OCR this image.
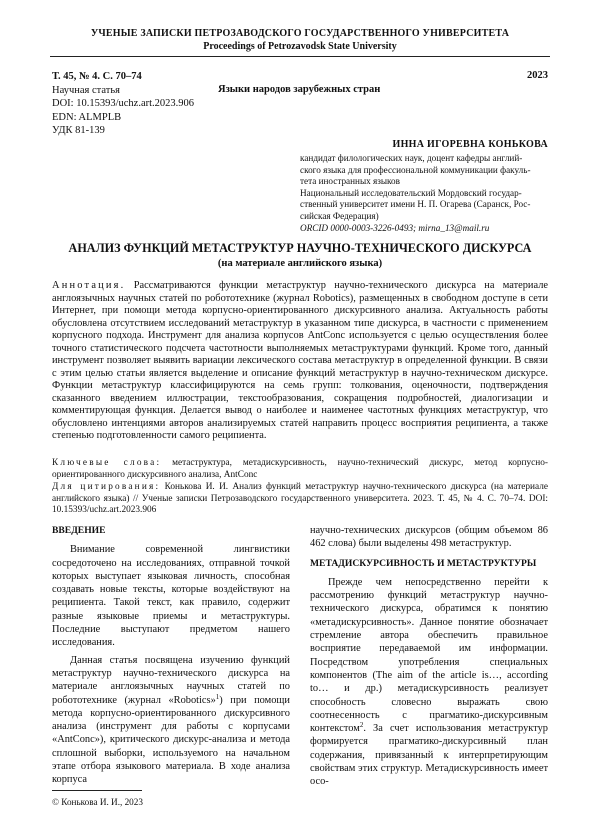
УЧЕНЫЕ ЗАПИСКИ ПЕТРОЗАВОДСКОГО ГОСУДАРСТВЕННОГО УНИВЕРСИТЕТА
Proceedings of Petrozavodsk State University
Т. 45, № 4. С. 70–74
Научная статья
DOI: 10.15393/uchz.art.2023.906
EDN: ALMPLB
УДК 81-139
2023
Языки народов зарубежных стран
ИННА ИГОРЕВНА КОНЬКОВА
кандидат филологических наук, доцент кафедры англий-
ского языка для профессиональной коммуникации факуль-
тета иностранных языков
Национальный исследовательский Мордовский государ-
ственный университет имени Н. П. Огарева (Саранск, Рос-
сийская Федерация)
ORCID 0000-0003-3226-0493; mirna_13@mail.ru
АНАЛИЗ ФУНКЦИЙ МЕТАСТРУКТУР НАУЧНО-ТЕХНИЧЕСКОГО ДИСКУРСА
(на материале английского языка)
Аннотация. Рассматриваются функции метаструктур научно-технического дискурса на материале англоязычных научных статей по робототехнике (журнал Robotics), размещенных в свободном доступе в сети Интернет, при помощи метода корпусно-ориентированного дискурсивного анализа. Актуальность работы обусловлена отсутствием исследований метаструктур в указанном типе дискурса, в частности с применением корпусного подхода. Инструмент для анализа корпусов AntConc используется с целью осуществления более точного статистического подсчета частотности выполняемых метаструктурами функций. Кроме того, данный инструмент позволяет выявить вариации лексического состава метаструктур в определенной функции. В связи с этим целью статьи является выделение и описание функций метаструктур в научно-техническом дискурсе. Функции метаструктур классифицируются на семь групп: толкования, оценочности, подтверждения сказанного введением иллюстрации, текстообразования, сокращения подробностей, диалогизации и комментирующая функция. Делается вывод о наиболее и наименее частотных функциях метаструктур, что обусловлено интенциями авторов анализируемых статей направить процесс восприятия реципиента, а также степенью подготовленности самого реципиента.
Ключевые слова: метаструктура, метадискурсивность, научно-технический дискурс, метод корпусно-ориентированного дискурсивного анализа, AntConc
Для цитирования: Конькова И. И. Анализ функций метаструктур научно-технического дискурса (на материале английского языка) // Ученые записки Петрозаводского государственного университета. 2023. Т. 45, № 4. С. 70–74. DOI: 10.15393/uchz.art.2023.906
ВВЕДЕНИЕ

Внимание современной лингвистики сосредоточено на исследованиях, отправной точкой которых выступает языковая личность, способная создавать новые тексты, которые воздействуют на реципиента. Такой текст, как правило, содержит разные языковые приемы и метаструктуры. Последние выступают предметом нашего исследования.

Данная статья посвящена изучению функций метаструктур научно-технического дискурса на материале англоязычных научных статей по робототехнике (журнал «Robotics»$^1$) при помощи метода корпусно-ориентированного дискурсивного анализа (инструмент для работы с корпусами «AntConc»), критического дискурс-анализа и метода сплошной выборки, используемого на начальном этапе отбора языкового материала. В ходе анализа корпуса

научно-технических дискурсов (общим объемом 86 462 слова) были выделены 498 метаструктур.

МЕТАДИСКУРСИВНОСТЬ И МЕТАСТРУКТУРЫ

Прежде чем непосредственно перейти к рассмотрению функций метаструктур научно-технического дискурса, обратимся к понятию «метадискурсивность». Данное понятие обозначает стремление автора обеспечить правильное восприятие передаваемой им информации. Посредством употребления специальных компонентов (The aim of the article is…, according to… и др.) метадискурсивность реализует способность словесно выражать свою соотнесенность с прагматико-дискурсивным контекстом$^2$. За счет использования метаструктур формируется прагматико-дискурсивный план содержания, привязанный к интерпретирующим свойствам этих структур. Метадискурсивность имеет осо-

© Конькова И. И., 2023
